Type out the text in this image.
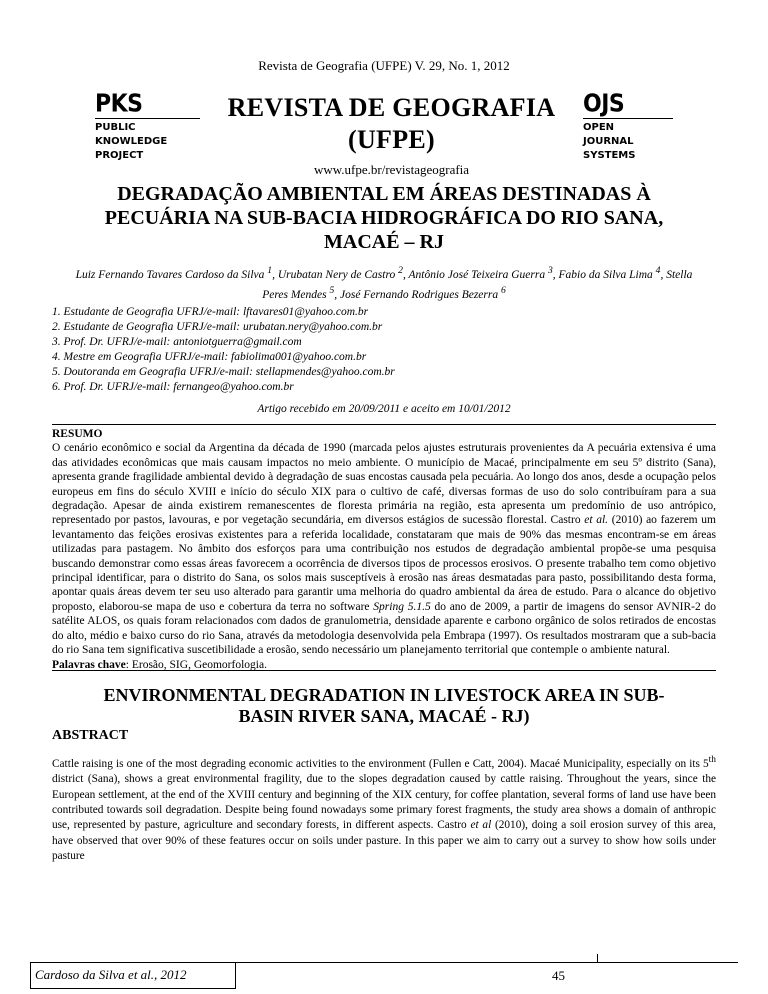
Revista de Geografia (UFPE) V. 29, No. 1, 2012
PKS
PUBLIC
KNOWLEDGE
PROJECT
REVISTA DE GEOGRAFIA
(UFPE)
www.ufpe.br/revistageografia
OJS
OPEN
JOURNAL
SYSTEMS
DEGRADAÇÃO AMBIENTAL EM ÁREAS DESTINADAS À PECUÁRIA NA SUB-BACIA HIDROGRÁFICA DO RIO SANA, MACAÉ – RJ
Luiz Fernando Tavares Cardoso da Silva $^1$, Urubatan Nery de Castro $^2$, Antônio José Teixeira Guerra $^3$, Fabio da Silva Lima $^4$, Stella Peres Mendes $^5$, José Fernando Rodrigues Bezerra $^6$
1. Estudante de Geografia UFRJ/e-mail: lftavares01@yahoo.com.br
2. Estudante de Geografia UFRJ/e-mail: urubatan.nery@yahoo.com.br
3. Prof. Dr. UFRJ/e-mail: antoniotguerra@gmail.com
4. Mestre em Geografia UFRJ/e-mail: fabiolima001@yahoo.com.br
5. Doutoranda em Geografia UFRJ/e-mail: stellapmendes@yahoo.com.br
6. Prof. Dr. UFRJ/e-mail: fernangeo@yahoo.com.br
Artigo recebido em 20/09/2011 e aceito em 10/01/2012
RESUMO
O cenário econômico e social da Argentina da década de 1990 (marcada pelos ajustes estruturais provenientes da A pecuária extensiva é uma das atividades econômicas que mais causam impactos no meio ambiente. O município de Macaé, principalmente em seu 5º distrito (Sana), apresenta grande fragilidade ambiental devido à degradação de suas encostas causada pela pecuária. Ao longo dos anos, desde a ocupação pelos europeus em fins do século XVIII e início do século XIX para o cultivo de café, diversas formas de uso do solo contribuíram para a sua degradação. Apesar de ainda existirem remanescentes de floresta primária na região, esta apresenta um predomínio de uso antrópico, representado por pastos, lavouras, e por vegetação secundária, em diversos estágios de sucessão florestal. Castro et al. (2010) ao fazerem um levantamento das feições erosivas existentes para a referida localidade, constataram que mais de 90% das mesmas encontram-se em áreas utilizadas para pastagem. No âmbito dos esforços para uma contribuição nos estudos de degradação ambiental propõe-se uma pesquisa buscando demonstrar como essas áreas favorecem a ocorrência de diversos tipos de processos erosivos. O presente trabalho tem como objetivo principal identificar, para o distrito do Sana, os solos mais susceptíveis à erosão nas áreas desmatadas para pasto, possibilitando desta forma, apontar quais áreas devem ter seu uso alterado para garantir uma melhoria do quadro ambiental da área de estudo. Para o alcance do objetivo proposto, elaborou-se mapa de uso e cobertura da terra no software Spring 5.1.5 do ano de 2009, a partir de imagens do sensor AVNIR-2 do satélite ALOS, os quais foram relacionados com dados de granulometria, densidade aparente e carbono orgânico de solos retirados de encostas do alto, médio e baixo curso do rio Sana, através da metodologia desenvolvida pela Embrapa (1997). Os resultados mostraram que a sub-bacia do rio Sana tem significativa suscetibilidade a erosão, sendo necessário um planejamento territorial que contemple o ambiente natural.
Palavras chave: Erosão, SIG, Geomorfologia.
ENVIRONMENTAL DEGRADATION IN LIVESTOCK AREA IN SUB-BASIN RIVER SANA, MACAÉ - RJ)
ABSTRACT
Cattle raising is one of the most degrading economic activities to the environment (Fullen e Catt, 2004). Macaé Municipality, especially on its 5th district (Sana), shows a great environmental fragility, due to the slopes degradation caused by cattle raising. Throughout the years, since the European settlement, at the end of the XVIII century and beginning of the XIX century, for coffee plantation, several forms of land use have been contributed towards soil degradation. Despite being found nowadays some primary forest fragments, the study area shows a domain of anthropic use, represented by pasture, agriculture and secondary forests, in different aspects. Castro et al (2010), doing a soil erosion survey of this area, have observed that over 90% of these features occur on soils under pasture. In this paper we aim to carry out a survey to show how soils under pasture
Cardoso da Silva et al., 2012	45
